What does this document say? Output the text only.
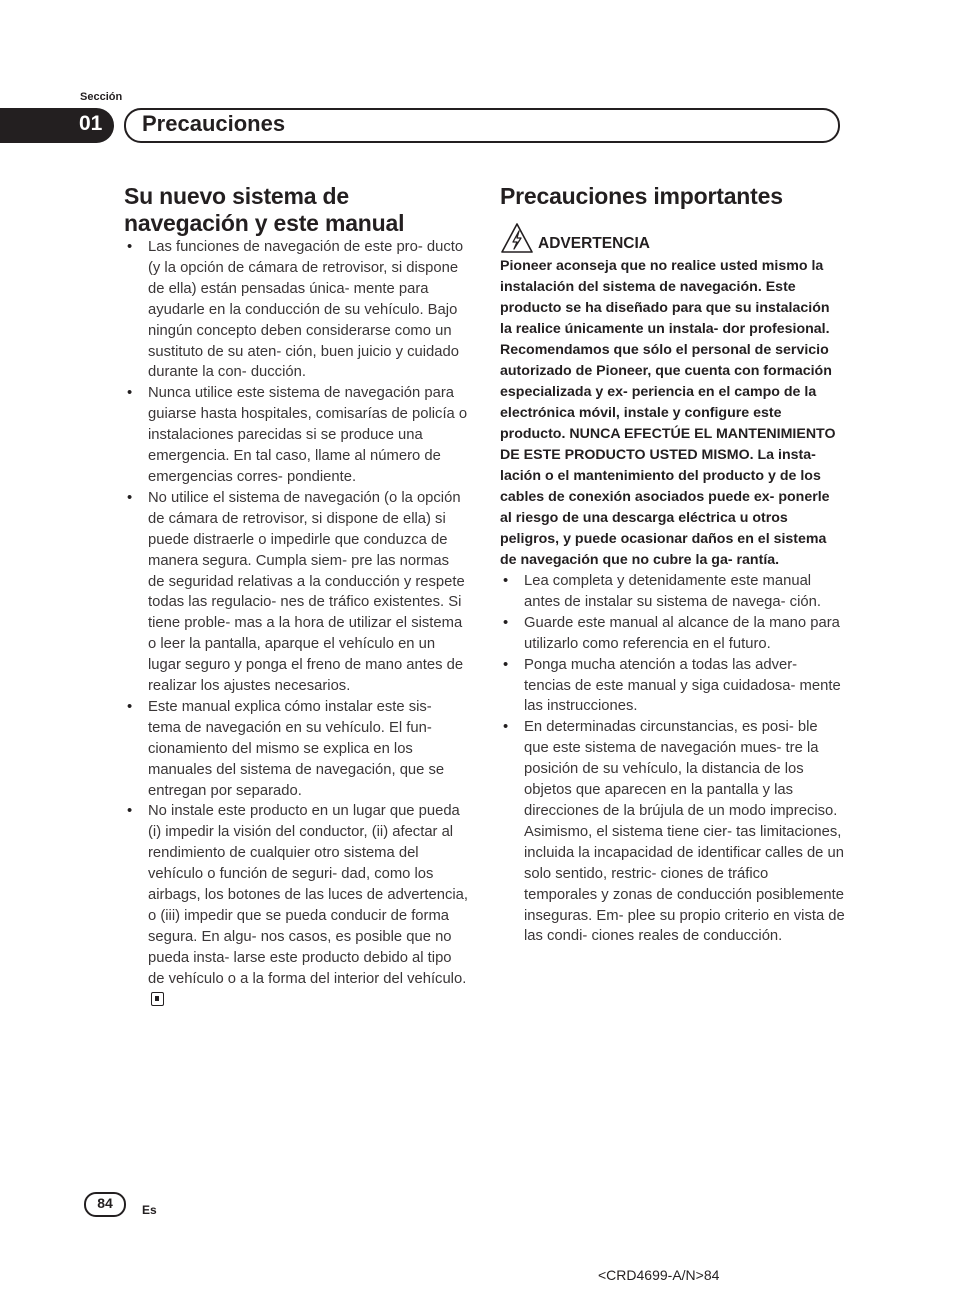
Sección
01 Precauciones
Su nuevo sistema de navegación y este manual
• Las funciones de navegación de este pro- ducto (y la opción de cámara de retrovisor, si dispone de ella) están pensadas única- mente para ayudarle en la conducción de su vehículo. Bajo ningún concepto deben considerarse como un sustituto de su aten- ción, buen juicio y cuidado durante la con- ducción.
• Nunca utilice este sistema de navegación para guiarse hasta hospitales, comisarías de policía o instalaciones parecidas si se produce una emergencia. En tal caso, llame al número de emergencias corres- pondiente.
• No utilice el sistema de navegación (o la opción de cámara de retrovisor, si dispone de ella) si puede distraerle o impedirle que conduzca de manera segura. Cumpla siem- pre las normas de seguridad relativas a la conducción y respete todas las regulacio- nes de tráfico existentes. Si tiene proble- mas a la hora de utilizar el sistema o leer la pantalla, aparque el vehículo en un lugar seguro y ponga el freno de mano antes de realizar los ajustes necesarios.
• Este manual explica cómo instalar este sis- tema de navegación en su vehículo. El fun- cionamiento del mismo se explica en los manuales del sistema de navegación, que se entregan por separado.
• No instale este producto en un lugar que pueda (i) impedir la visión del conductor, (ii) afectar al rendimiento de cualquier otro sistema del vehículo o función de seguri- dad, como los airbags, los botones de las luces de advertencia, o (iii) impedir que se pueda conducir de forma segura. En algu- nos casos, es posible que no pueda insta- larse este producto debido al tipo de vehículo o a la forma del interior del vehículo.
Precauciones importantes
ADVERTENCIA

Pioneer aconseja que no realice usted mismo la instalación del sistema de navegación. Este producto se ha diseñado para que su instalación la realice únicamente un instala- dor profesional. Recomendamos que sólo el personal de servicio autorizado de Pioneer, que cuenta con formación especializada y ex- periencia en el campo de la electrónica móvil, instale y configure este producto. NUNCA EFECTÚE EL MANTENIMIENTO DE ESTE PRODUCTO USTED MISMO. La insta- lación o el mantenimiento del producto y de los cables de conexión asociados puede ex- ponerle al riesgo de una descarga eléctrica u otros peligros, y puede ocasionar daños en el sistema de navegación que no cubre la ga- rantía.

• Lea completa y detenidamente este manual antes de instalar su sistema de navega- ción.
• Guarde este manual al alcance de la mano para utilizarlo como referencia en el futuro.
• Ponga mucha atención a todas las adver- tencias de este manual y siga cuidadosa- mente las instrucciones.
• En determinadas circunstancias, es posi- ble que este sistema de navegación mues- tre la posición de su vehículo, la distancia de los objetos que aparecen en la pantalla y las direcciones de la brújula de un modo impreciso. Asimismo, el sistema tiene cier- tas limitaciones, incluida la incapacidad de identificar calles de un solo sentido, restric- ciones de tráfico temporales y zonas de conducción posiblemente inseguras. Em- plee su propio criterio en vista de las condi- ciones reales de conducción.
84	Es
<CRD4699-A/N>84
